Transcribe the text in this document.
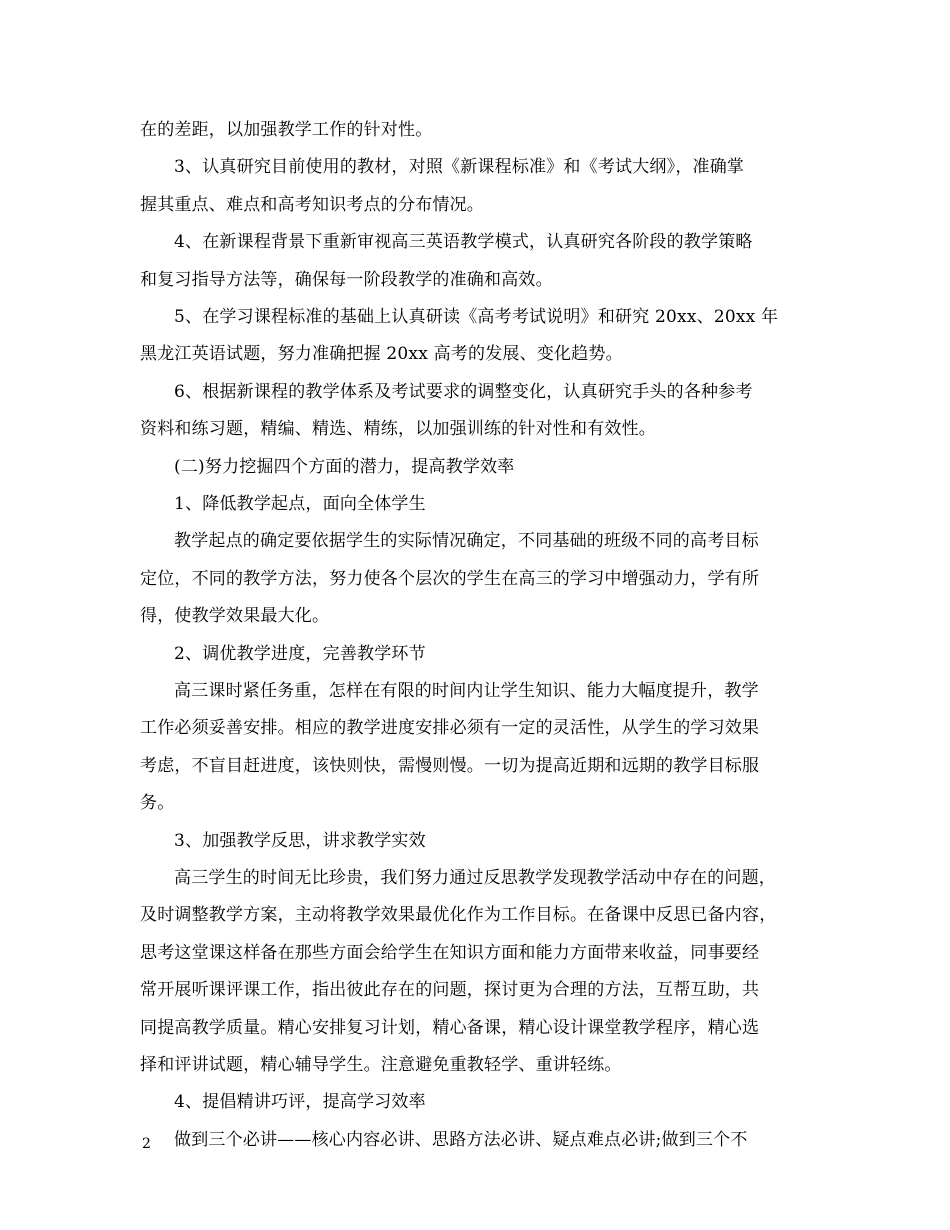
在的差距，以加强教学工作的针对性。
3、认真研究目前使用的教材，对照《新课程标准》和《考试大纲》，准确掌
握其重点、难点和高考知识考点的分布情况。
4、在新课程背景下重新审视高三英语教学模式，认真研究各阶段的教学策略
和复习指导方法等，确保每一阶段教学的准确和高效。
5、在学习课程标准的基础上认真研读《高考考试说明》和研究 20xx、20xx 年
黑龙江英语试题，努力准确把握 20xx 高考的发展、变化趋势。
6、根据新课程的教学体系及考试要求的调整变化，认真研究手头的各种参考
资料和练习题，精编、精选、精练，以加强训练的针对性和有效性。
(二)努力挖掘四个方面的潜力，提高教学效率
1、降低教学起点，面向全体学生
教学起点的确定要依据学生的实际情况确定，不同基础的班级不同的高考目标
定位，不同的教学方法，努力使各个层次的学生在高三的学习中增强动力，学有所
得，使教学效果最大化。
2、调优教学进度，完善教学环节
高三课时紧任务重，怎样在有限的时间内让学生知识、能力大幅度提升，教学
工作必须妥善安排。相应的教学进度安排必须有一定的灵活性，从学生的学习效果
考虑，不盲目赶进度，该快则快，需慢则慢。一切为提高近期和远期的教学目标服
务。
3、加强教学反思，讲求教学实效
高三学生的时间无比珍贵，我们努力通过反思教学发现教学活动中存在的问题，
及时调整教学方案，主动将教学效果最优化作为工作目标。在备课中反思已备内容，
思考这堂课这样备在那些方面会给学生在知识方面和能力方面带来收益，同事要经
常开展听课评课工作，指出彼此存在的问题，探讨更为合理的方法，互帮互助，共
同提高教学质量。精心安排复习计划，精心备课，精心设计课堂教学程序，精心选
择和评讲试题，精心辅导学生。注意避免重教轻学、重讲轻练。
4、提倡精讲巧评，提高学习效率
做到三个必讲——核心内容必讲、思路方法必讲、疑点难点必讲;做到三个不
2
